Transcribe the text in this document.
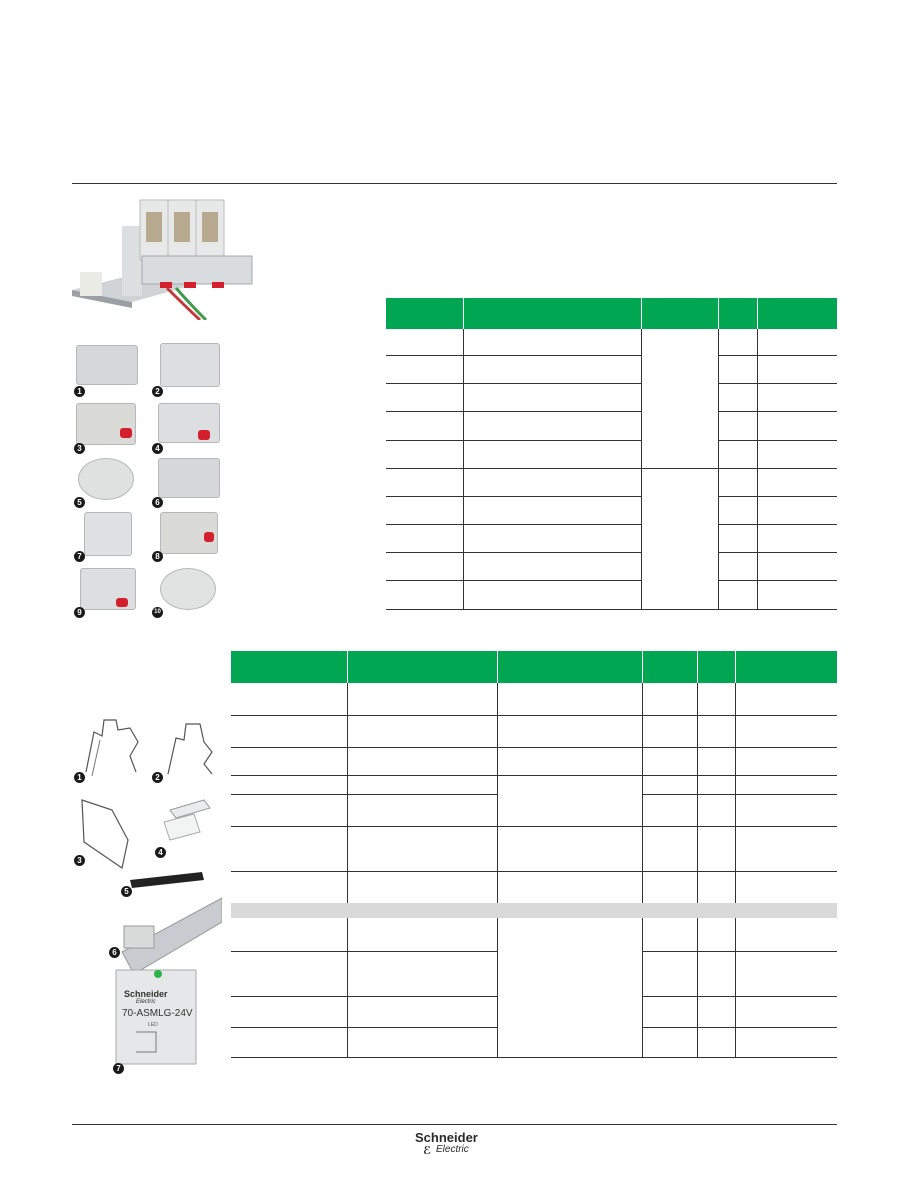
1	2
3	4
5	6
7	8
9	10
1	2
3
4
5
6
7
Schneider
Electric
70-ASMLG-24V
LED
Schneider
ℰ Electric
